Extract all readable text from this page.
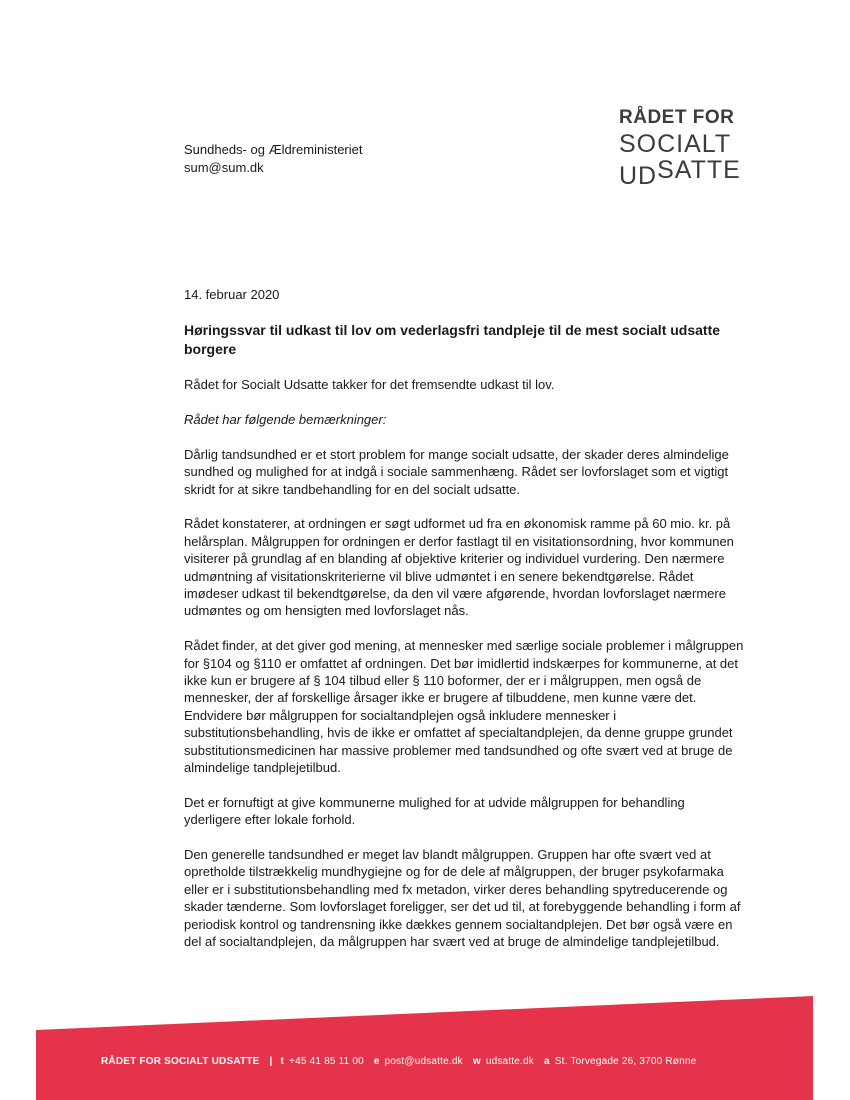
RÅDET FOR
SOCIALT
UDSATTE
Sundheds- og Ældreministeriet
sum@sum.dk
14. februar 2020

Høringssvar til udkast til lov om vederlagsfri tandpleje til de mest socialt udsatte borgere

Rådet for Socialt Udsatte takker for det fremsendte udkast til lov.

Rådet har følgende bemærkninger:

Dårlig tandsundhed er et stort problem for mange socialt udsatte, der skader deres almindelige sundhed og mulighed for at indgå i sociale sammenhæng. Rådet ser lovforslaget som et vigtigt skridt for at sikre tandbehandling for en del socialt udsatte.

Rådet konstaterer, at ordningen er søgt udformet ud fra en økonomisk ramme på 60 mio. kr. på helårsplan. Målgruppen for ordningen er derfor fastlagt til en visitationsordning, hvor kommunen visiterer på grundlag af en blanding af objektive kriterier og individuel vurdering. Den nærmere udmøntning af visitationskriterierne vil blive udmøntet i en senere bekendtgørelse. Rådet imødeser udkast til bekendtgørelse, da den vil være afgørende, hvordan lovforslaget nærmere udmøntes og om hensigten med lovforslaget nås.

Rådet finder, at det giver god mening, at mennesker med særlige sociale problemer i målgruppen for §104 og §110 er omfattet af ordningen. Det bør imidlertid indskærpes for kommunerne, at det ikke kun er brugere af § 104 tilbud eller § 110 boformer, der er i målgruppen, men også de mennesker, der af forskellige årsager ikke er brugere af tilbuddene, men kunne være det. Endvidere bør målgruppen for socialtandplejen også inkludere mennesker i substitutionsbehandling, hvis de ikke er omfattet af specialtandplejen, da denne gruppe grundet substitutionsmedicinen har massive problemer med tandsundhed og ofte svært ved at bruge de almindelige tandplejetilbud.

Det er fornuftigt at give kommunerne mulighed for at udvide målgruppen for behandling yderligere efter lokale forhold.

Den generelle tandsundhed er meget lav blandt målgruppen. Gruppen har ofte svært ved at opretholde tilstrækkelig mundhygiejne og for de dele af målgruppen, der bruger psykofarmaka eller er i substitutionsbehandling med fx metadon, virker deres behandling spytreducerende og skader tænderne. Som lovforslaget foreligger, ser det ud til, at forebyggende behandling i form af periodisk kontrol og tandrensning ikke dækkes gennem socialtandplejen. Det bør også være en del af socialtandplejen, da målgruppen har svært ved at bruge de almindelige tandplejetilbud.

RÅDET FOR SOCIALT UDSATTE | t +45 41 85 11 00 e post@udsatte.dk w udsatte.dk a St. Torvegade 26, 3700 Rønne
